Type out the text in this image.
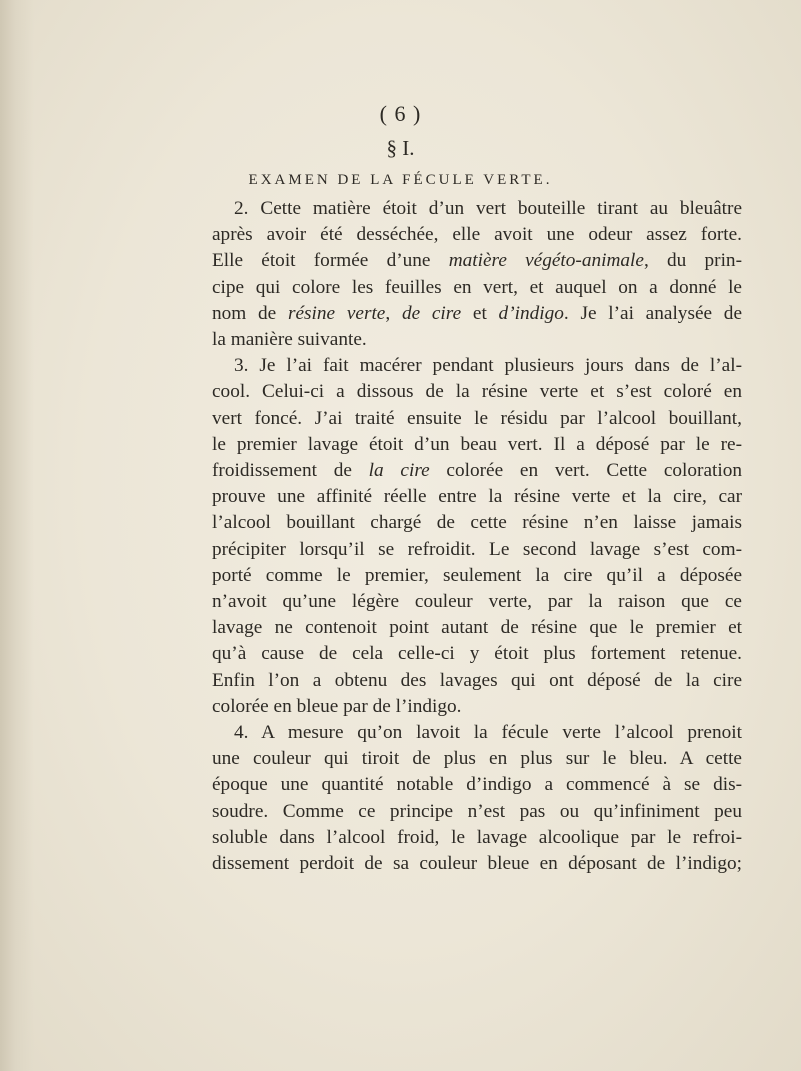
( 6 )
§ I.
EXAMEN DE LA FÉCULE VERTE.
2. Cette matière étoit d’un vert bouteille tirant au bleuâtre
après avoir été desséchée, elle avoit une odeur assez forte.
Elle étoit formée d’une matière végéto-animale, du prin-
cipe qui colore les feuilles en vert, et auquel on a donné le
nom de résine verte, de cire et d’indigo. Je l’ai analysée de
la manière suivante.
3. Je l’ai fait macérer pendant plusieurs jours dans de l’al-
cool. Celui-ci a dissous de la résine verte et s’est coloré en
vert foncé. J’ai traité ensuite le résidu par l’alcool bouillant,
le premier lavage étoit d’un beau vert. Il a déposé par le re-
froidissement de la cire colorée en vert. Cette coloration
prouve une affinité réelle entre la résine verte et la cire, car
l’alcool bouillant chargé de cette résine n’en laisse jamais
précipiter lorsqu’il se refroidit. Le second lavage s’est com-
porté comme le premier, seulement la cire qu’il a déposée
n’avoit qu’une légère couleur verte, par la raison que ce
lavage ne contenoit point autant de résine que le premier et
qu’à cause de cela celle-ci y étoit plus fortement retenue.
Enfin l’on a obtenu des lavages qui ont déposé de la cire
colorée en bleue par de l’indigo.
4. A mesure qu’on lavoit la fécule verte l’alcool prenoit
une couleur qui tiroit de plus en plus sur le bleu. A cette
époque une quantité notable d’indigo a commencé à se dis-
soudre. Comme ce principe n’est pas ou qu’infiniment peu
soluble dans l’alcool froid, le lavage alcoolique par le refroi-
dissement perdoit de sa couleur bleue en déposant de l’indigo;
